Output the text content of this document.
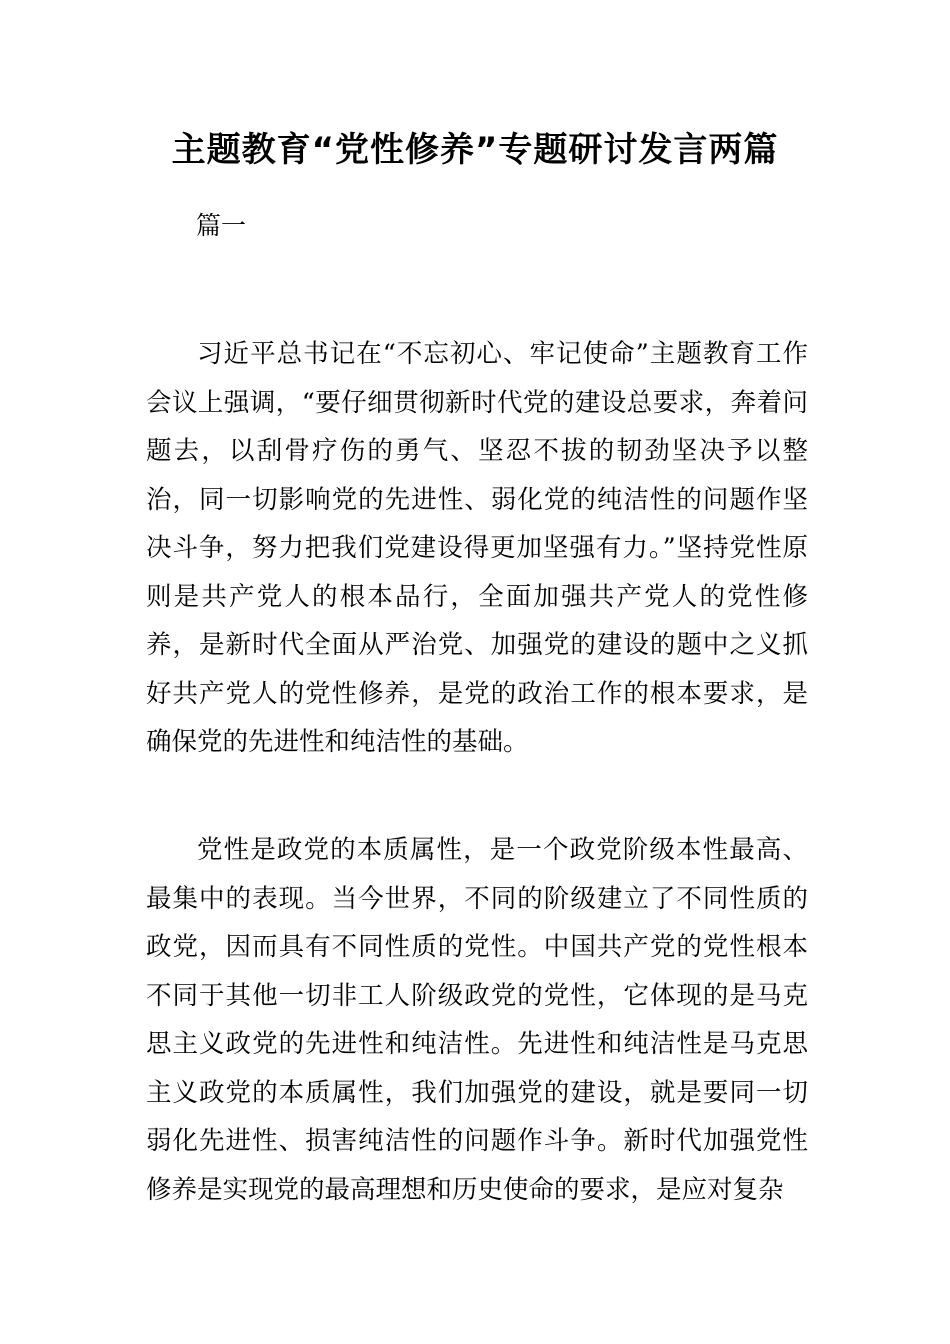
主题教育“党性修养”专题研讨发言两篇

篇一

习近平总书记在“不忘初心、牢记使命”主题教育工作会议上强调，“要仔细贯彻新时代党的建设总要求，奔着问题去，以刮骨疗伤的勇气、坚忍不拔的韧劲坚决予以整治，同一切影响党的先进性、弱化党的纯洁性的问题作坚决斗争，努力把我们党建设得更加坚强有力。”坚持党性原则是共产党人的根本品行，全面加强共产党人的党性修养，是新时代全面从严治党、加强党的建设的题中之义抓好共产党人的党性修养，是党的政治工作的根本要求，是确保党的先进性和纯洁性的基础。

党性是政党的本质属性，是一个政党阶级本性最高、最集中的表现。当今世界，不同的阶级建立了不同性质的政党，因而具有不同性质的党性。中国共产党的党性根本不同于其他一切非工人阶级政党的党性，它体现的是马克思主义政党的先进性和纯洁性。先进性和纯洁性是马克思主义政党的本质属性，我们加强党的建设，就是要同一切弱化先进性、损害纯洁性的问题作斗争。新时代加强党性修养是实现党的最高理想和历史使命的要求，是应对复杂
